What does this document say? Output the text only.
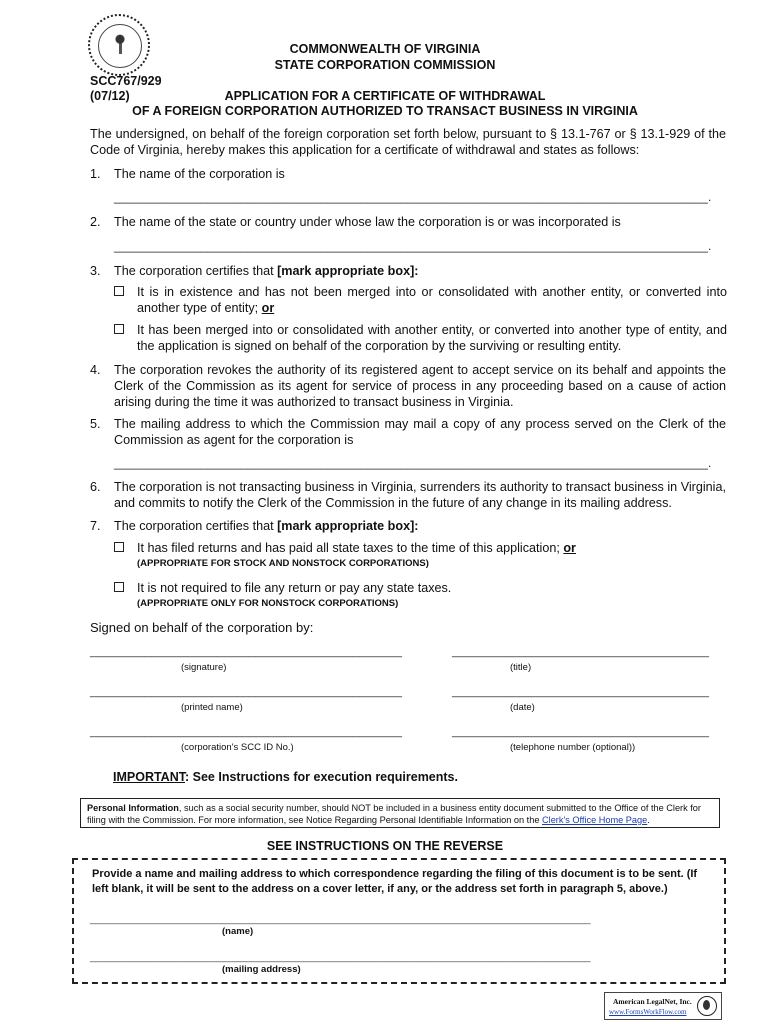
COMMONWEALTH OF VIRGINIA
STATE CORPORATION COMMISSION
SCC767/929
(07/12)	APPLICATION FOR A CERTIFICATE OF WITHDRAWAL
OF A FOREIGN CORPORATION AUTHORIZED TO TRANSACT BUSINESS IN VIRGINIA

The undersigned, on behalf of the foreign corporation set forth below, pursuant to § 13.1-767 or § 13.1-929 of the Code of Virginia, hereby makes this application for a certificate of withdrawal and states as follows:

1. The name of the corporation is

_________________________________________________________________________________________.

2. The name of the state or country under whose law the corporation is or was incorporated is

_________________________________________________________________________________________.

3. The corporation certifies that [mark appropriate box]:

It is in existence and has not been merged into or consolidated with another entity, or converted into another type of entity; or

It has been merged into or consolidated with another entity, or converted into another type of entity, and the application is signed on behalf of the corporation by the surviving or resulting entity.

4. The corporation revokes the authority of its registered agent to accept service on its behalf and appoints the Clerk of the Commission as its agent for service of process in any proceeding based on a cause of action arising during the time it was authorized to transact business in Virginia.

5. The mailing address to which the Commission may mail a copy of any process served on the Clerk of the Commission as agent for the corporation is

_________________________________________________________________________________________.

6. The corporation is not transacting business in Virginia, surrenders its authority to transact business in Virginia, and commits to notify the Clerk of the Commission in the future of any change in its mailing address.

7. The corporation certifies that [mark appropriate box]:

It has filed returns and has paid all state taxes to the time of this application; or

(APPROPRIATE FOR STOCK AND NONSTOCK CORPORATIONS)

It is not required to file any return or pay any state taxes.

(APPROPRIATE ONLY FOR NONSTOCK CORPORATIONS)

Signed on behalf of the corporation by:

___________________________________________________	__________________________________________
(signature)	(title)
___________________________________________________	__________________________________________
(printed name)	(date)
___________________________________________________	__________________________________________
(corporation's SCC ID No.)	(telephone number (optional))
IMPORTANT: See Instructions for execution requirements.

Personal Information, such as a social security number, should NOT be included in a business entity document submitted to the Office of the Clerk for filing with the Commission. For more information, see Notice Regarding Personal Identifiable Information on the Clerk's Office Home Page.

SEE INSTRUCTIONS ON THE REVERSE
Provide a name and mailing address to which correspondence regarding the filing of this document is to be sent. (If left blank, it will be sent to the address on a cover letter, if any, or the address set forth in paragraph 5, above.)
__________________________________________________________________________________________
(name)
__________________________________________________________________________________________
(mailing address)
American LegalNet, Inc.
www.FormsWorkFlow.com
